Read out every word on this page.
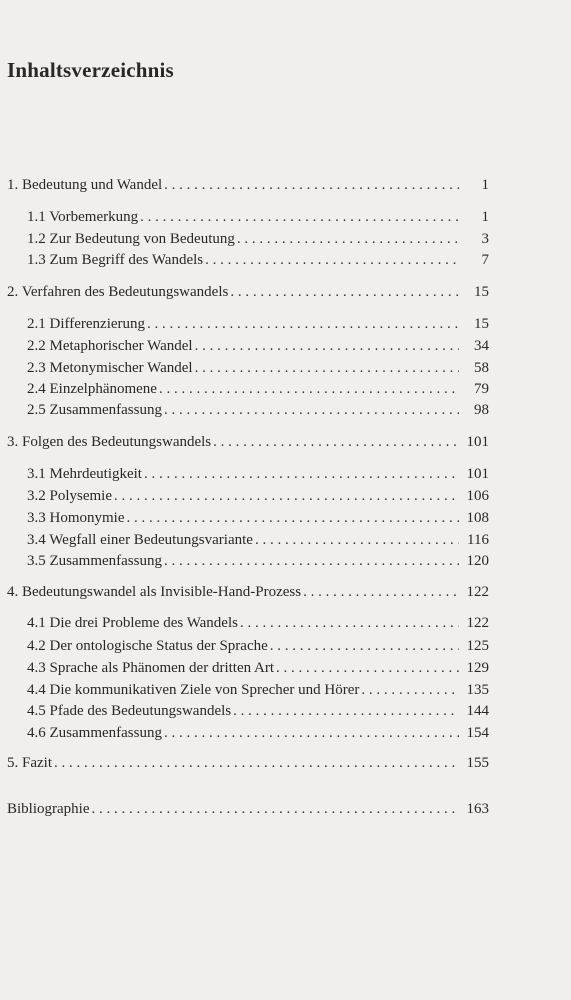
Inhaltsverzeichnis
1. Bedeutung und Wandel . . .	1
1.1 Vorbemerkung . . .	1
1.2 Zur Bedeutung von Bedeutung . . .	3
1.3 Zum Begriff des Wandels . . .	7
2. Verfahren des Bedeutungswandels . . .	15
2.1 Differenzierung . . .	15
2.2 Metaphorischer Wandel . . .	34
2.3 Metonymischer Wandel . . .	58
2.4 Einzelphänomene . . .	79
2.5 Zusammenfassung . . .	98
3. Folgen des Bedeutungswandels . . .	101
3.1 Mehrdeutigkeit . . .	101
3.2 Polysemie . . .	106
3.3 Homonymie . . .	108
3.4 Wegfall einer Bedeutungsvariante . . .	116
3.5 Zusammenfassung . . .	120
4. Bedeutungswandel als Invisible-Hand-Prozess . . .	122
4.1 Die drei Probleme des Wandels . . .	122
4.2 Der ontologische Status der Sprache . . .	125
4.3 Sprache als Phänomen der dritten Art . . .	129
4.4 Die kommunikativen Ziele von Sprecher und Hörer . . .	135
4.5 Pfade des Bedeutungswandels . . .	144
4.6 Zusammenfassung . . .	154
5. Fazit . . .	155
Bibliographie . . .	163
